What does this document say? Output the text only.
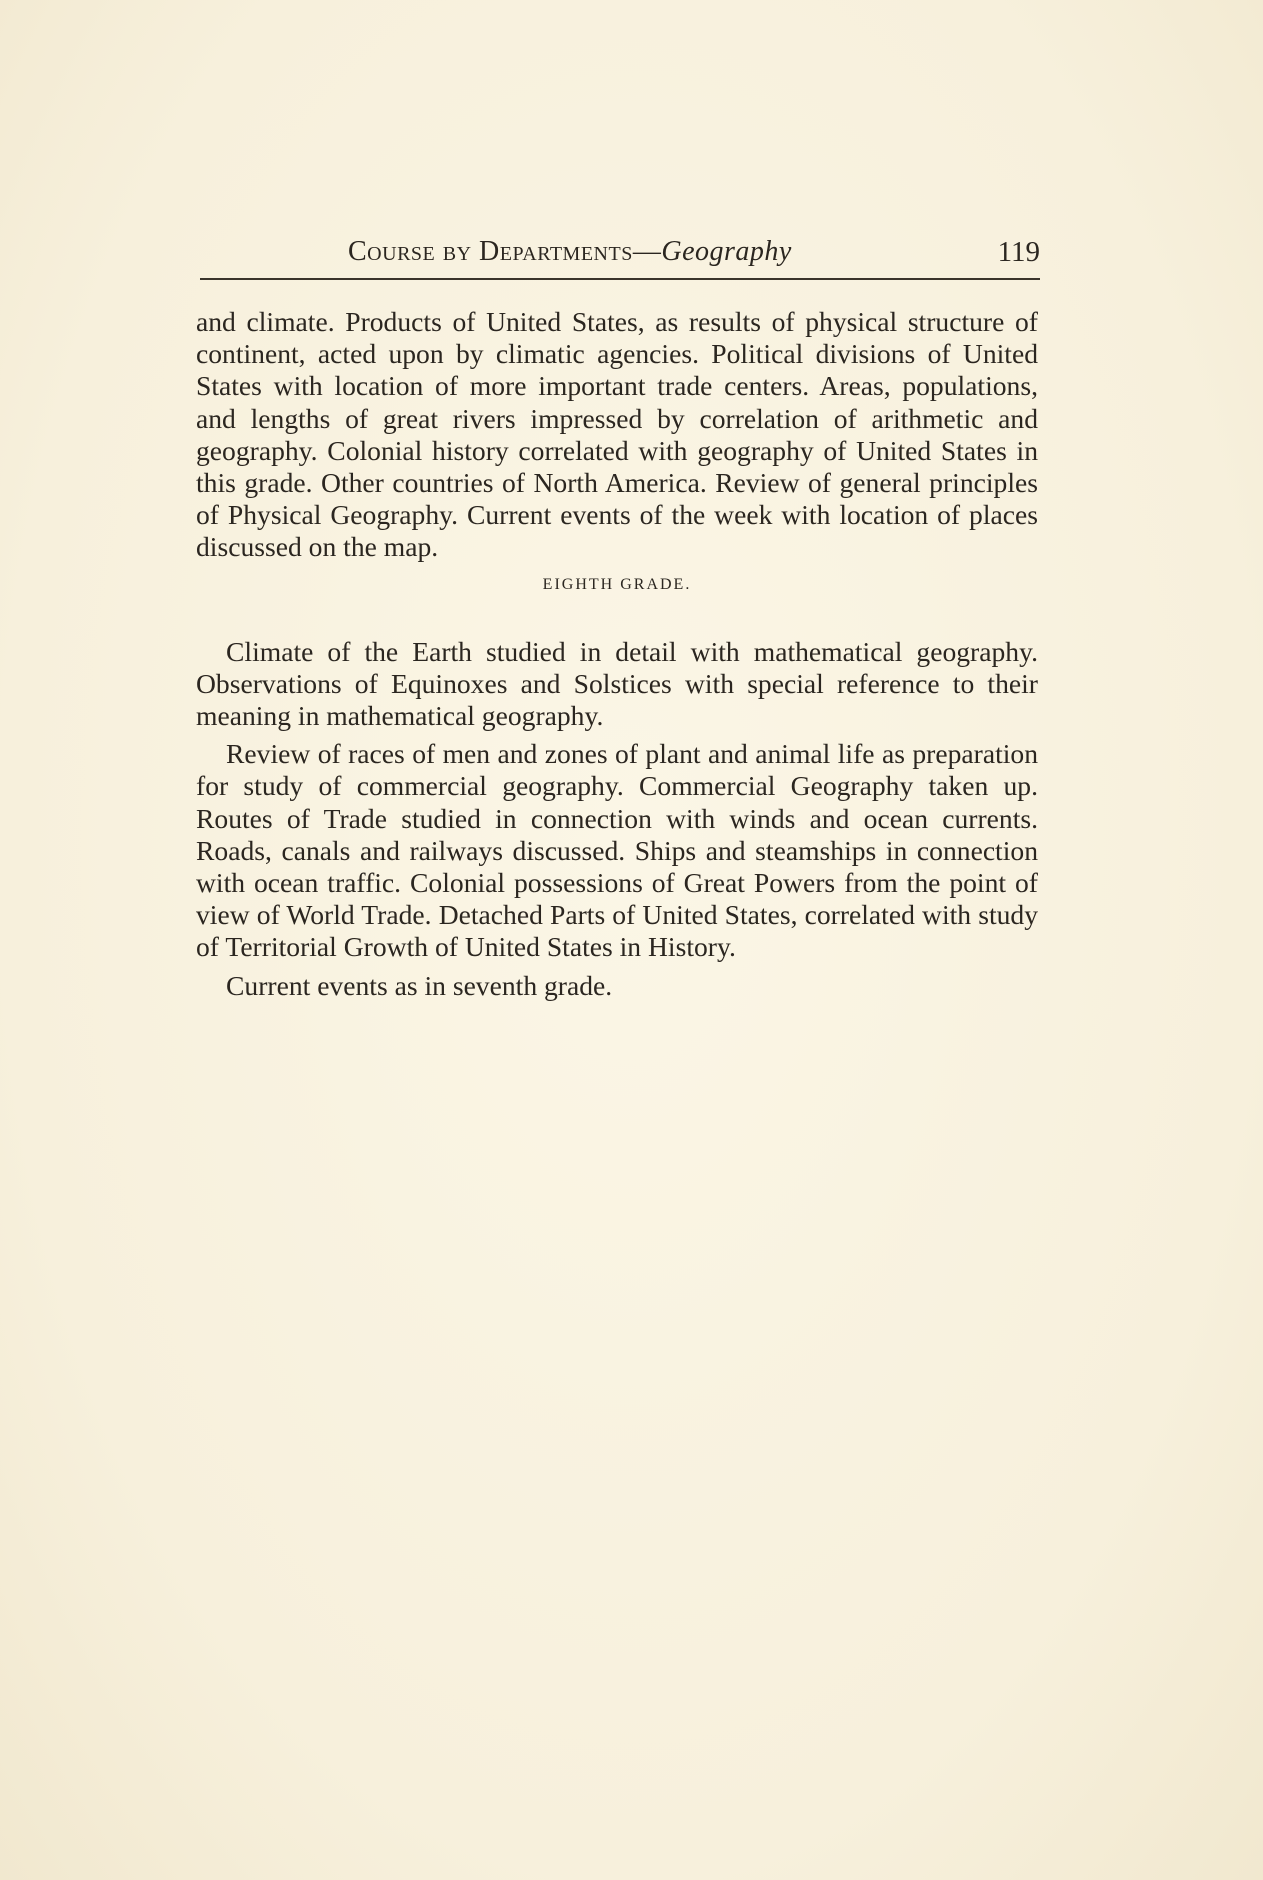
Course by Departments—Geography	119

and climate. Products of United States, as results of physical structure of continent, acted upon by climatic agencies. Political divisions of United States with location of more important trade centers. Areas, populations, and lengths of great rivers impressed by correlation of arithmetic and geography. Colonial history correlated with geography of United States in this grade. Other countries of North America. Review of general principles of Physical Geography. Current events of the week with location of places discussed on the map.

EIGHTH GRADE.

Climate of the Earth studied in detail with mathematical geography. Observations of Equinoxes and Solstices with special reference to their meaning in mathematical geography.

Review of races of men and zones of plant and animal life as preparation for study of commercial geography. Commercial Geography taken up. Routes of Trade studied in connection with winds and ocean currents. Roads, canals and railways discussed. Ships and steamships in connection with ocean traffic. Colonial possessions of Great Powers from the point of view of World Trade. Detached Parts of United States, correlated with study of Territorial Growth of United States in History.

Current events as in seventh grade.
